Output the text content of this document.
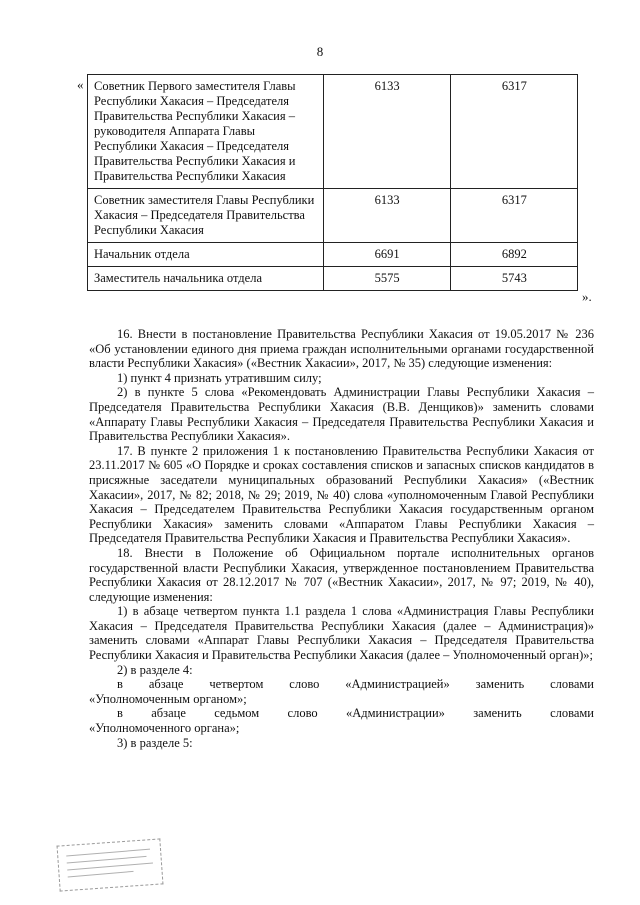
8
« Советник Первого заместителя Главы Республики Хакасия – Председателя Правительства Республики Хакасия – руководителя Аппарата Главы Республики Хакасия – Председателя Правительства Республики Хакасия и Правительства Республики Хакасия	6133	6317
Советник заместителя Главы Республики Хакасия – Председателя Правительства Республики Хакасия	6133	6317
Начальник отдела	6691	6892
Заместитель начальника отдела	5575	5743
».

16. Внести в постановление Правительства Республики Хакасия от 19.05.2017 № 236 «Об установлении единого дня приема граждан исполнительными органами государственной власти Республики Хакасия» («Вестник Хакасии», 2017, № 35) следующие изменения:

1) пункт 4 признать утратившим силу;

2) в пункте 5 слова «Рекомендовать Администрации Главы Республики Хакасия – Председателя Правительства Республики Хакасия (В.В. Денщиков)» заменить словами «Аппарату Главы Республики Хакасия – Председателя Правительства Республики Хакасия и Правительства Республики Хакасия».

17. В пункте 2 приложения 1 к постановлению Правительства Республики Хакасия от 23.11.2017 № 605 «О Порядке и сроках составления списков и запасных списков кандидатов в присяжные заседатели муниципальных образований Республики Хакасия» («Вестник Хакасии», 2017, № 82; 2018, № 29; 2019, № 40) слова «уполномоченным Главой Республики Хакасия – Председателем Правительства Республики Хакасия государственным органом Республики Хакасия» заменить словами «Аппаратом Главы Республики Хакасия – Председателя Правительства Республики Хакасия и Правительства Республики Хакасия».

18. Внести в Положение об Официальном портале исполнительных органов государственной власти Республики Хакасия, утвержденное постановлением Правительства Республики Хакасия от 28.12.2017 № 707 («Вестник Хакасии», 2017, № 97; 2019, № 40), следующие изменения:

1) в абзаце четвертом пункта 1.1 раздела 1 слова «Администрация Главы Республики Хакасия – Председателя Правительства Республики Хакасия (далее – Администрация)» заменить словами «Аппарат Главы Республики Хакасия – Председателя Правительства Республики Хакасия и Правительства Республики Хакасия (далее – Уполномоченный орган)»;

2) в разделе 4:

в абзаце четвертом слово «Администрацией» заменить словами

«Уполномоченным органом»;

в абзаце седьмом слово «Администрации» заменить словами

«Уполномоченного органа»;

3) в разделе 5:
